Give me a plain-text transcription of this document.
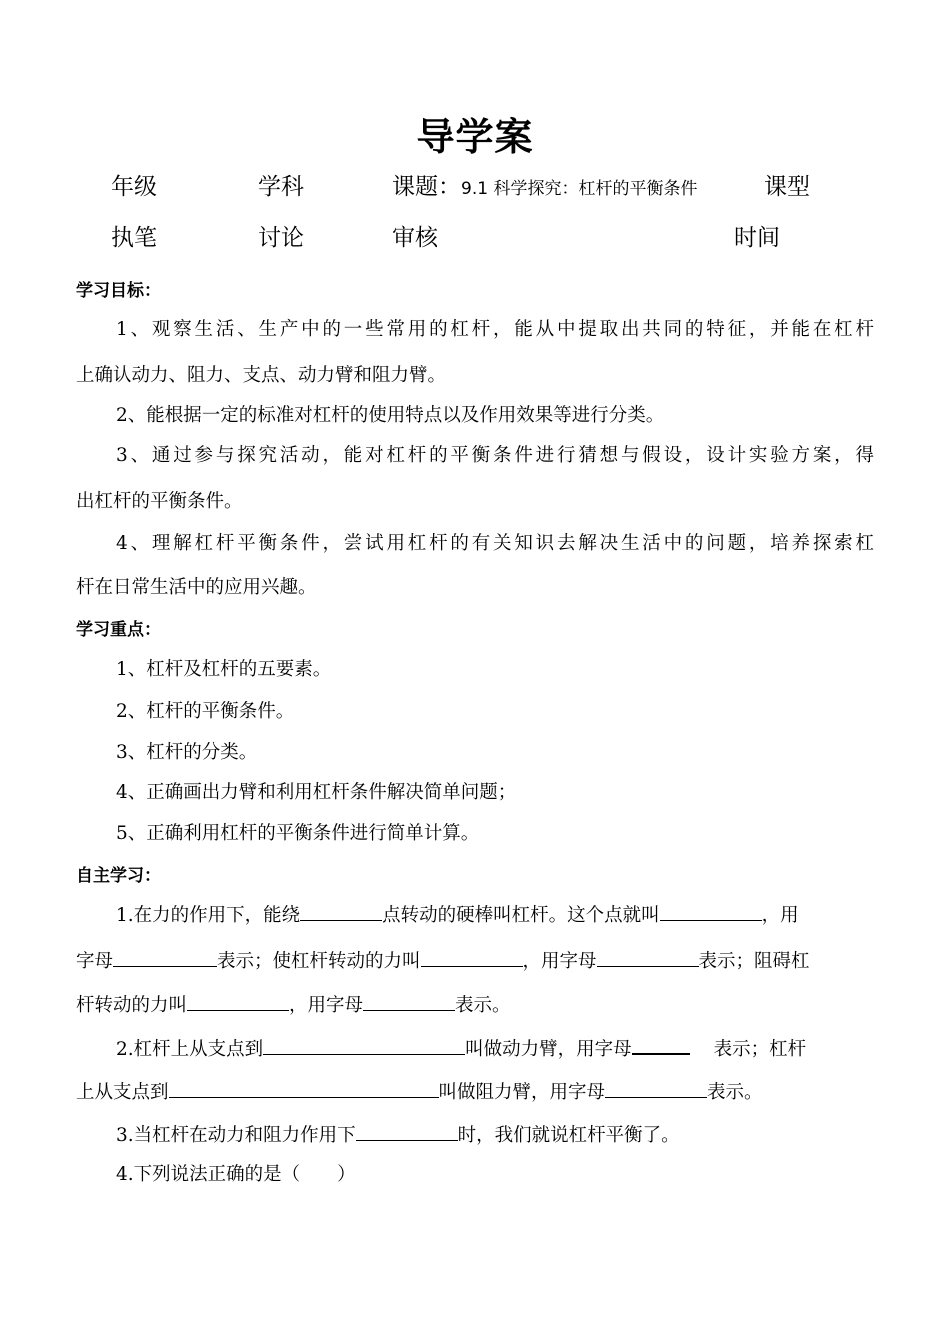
导学案
年级	学科	课题：9.1 科学探究：杠杆的平衡条件	课型
执笔	讨论	审核	时间
学习目标：
1、观察生活、生产中的一些常用的杠杆，能从中提取出共同的特征，并能在杠杆
上确认动力、阻力、支点、动力臂和阻力臂。
2、能根据一定的标准对杠杆的使用特点以及作用效果等进行分类。
3、通过参与探究活动，能对杠杆的平衡条件进行猜想与假设，设计实验方案，得
出杠杆的平衡条件。
4、理解杠杆平衡条件，尝试用杠杆的有关知识去解决生活中的问题，培养探索杠
杆在日常生活中的应用兴趣。
学习重点：
1、杠杆及杠杆的五要素。
2、杠杆的平衡条件。
3、杠杆的分类。
4、正确画出力臂和利用杠杆条件解决简单问题；
5、正确利用杠杆的平衡条件进行简单计算。
自主学习：
1.在力的作用下，能绕	点转动的硬棒叫杠杆。这个点就叫	，用
字母	表示；使杠杆转动的力叫	，用字母	表示；阻碍杠
杆转动的力叫	，用字母	表示。
2.杠杆上从支点到	叫做动力臂，用字母	表示；杠杆
上从支点到	叫做阻力臂，用字母	表示。
3.当杠杆在动力和阻力作用下	时，我们就说杠杆平衡了。
4.下列说法正确的是（　　）
